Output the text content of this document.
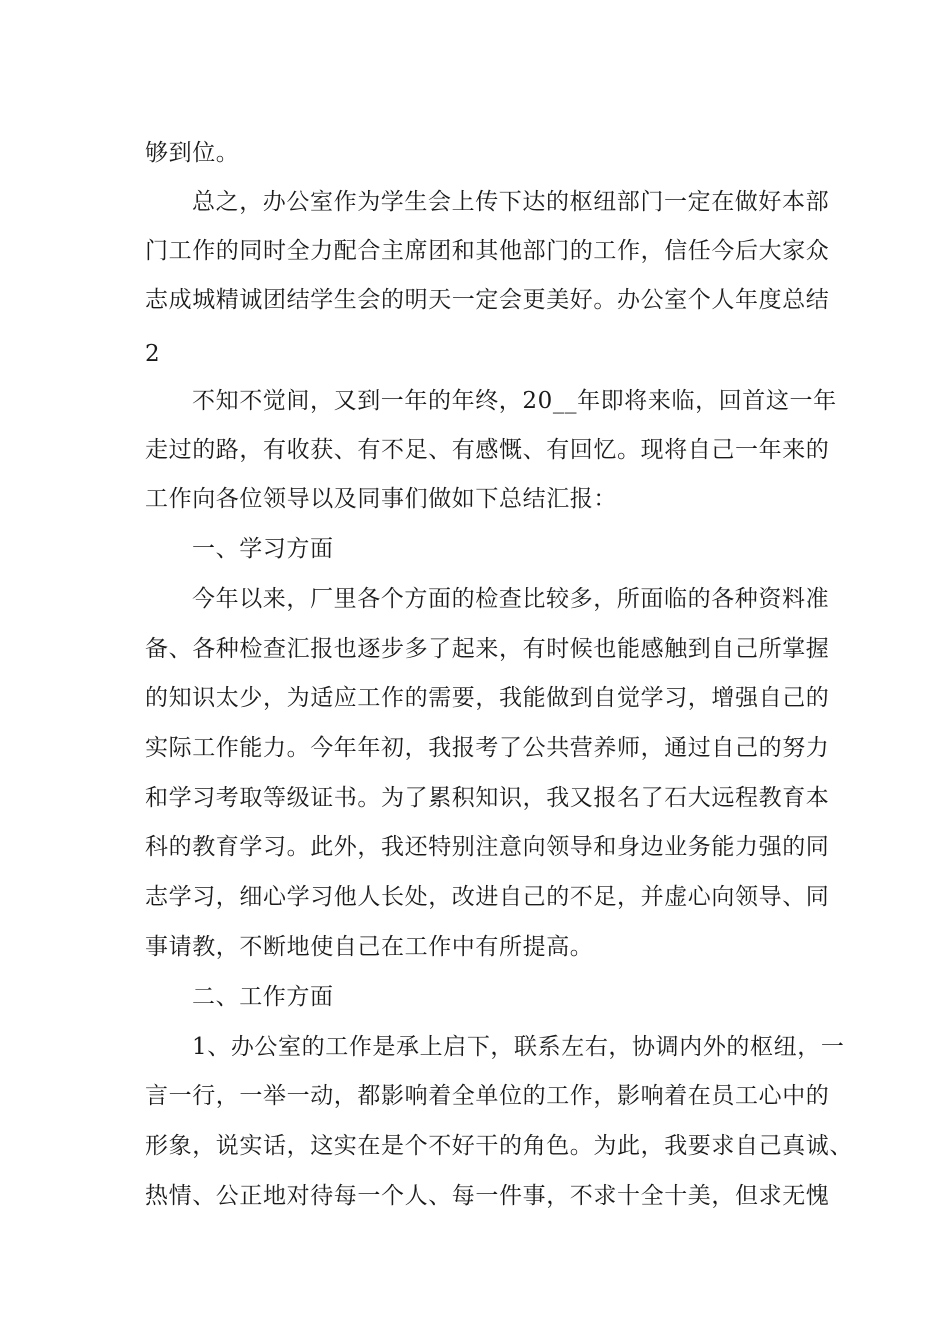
够到位。
总之，办公室作为学生会上传下达的枢纽部门一定在做好本部
门工作的同时全力配合主席团和其他部门的工作，信任今后大家众
志成城精诚团结学生会的明天一定会更美好。办公室个人年度总结
2
不知不觉间，又到一年的年终，20__年即将来临，回首这一年
走过的路，有收获、有不足、有感慨、有回忆。现将自己一年来的
工作向各位领导以及同事们做如下总结汇报：
一、学习方面
今年以来，厂里各个方面的检查比较多，所面临的各种资料准
备、各种检查汇报也逐步多了起来，有时候也能感触到自己所掌握
的知识太少，为适应工作的需要，我能做到自觉学习，增强自己的
实际工作能力。今年年初，我报考了公共营养师，通过自己的努力
和学习考取等级证书。为了累积知识，我又报名了石大远程教育本
科的教育学习。此外，我还特别注意向领导和身边业务能力强的同
志学习，细心学习他人长处，改进自己的不足，并虚心向领导、同
事请教，不断地使自己在工作中有所提高。
二、工作方面
1、办公室的工作是承上启下，联系左右，协调内外的枢纽，一
言一行，一举一动，都影响着全单位的工作，影响着在员工心中的
形象，说实话，这实在是个不好干的角色。为此，我要求自己真诚、
热情、公正地对待每一个人、每一件事，不求十全十美，但求无愧
